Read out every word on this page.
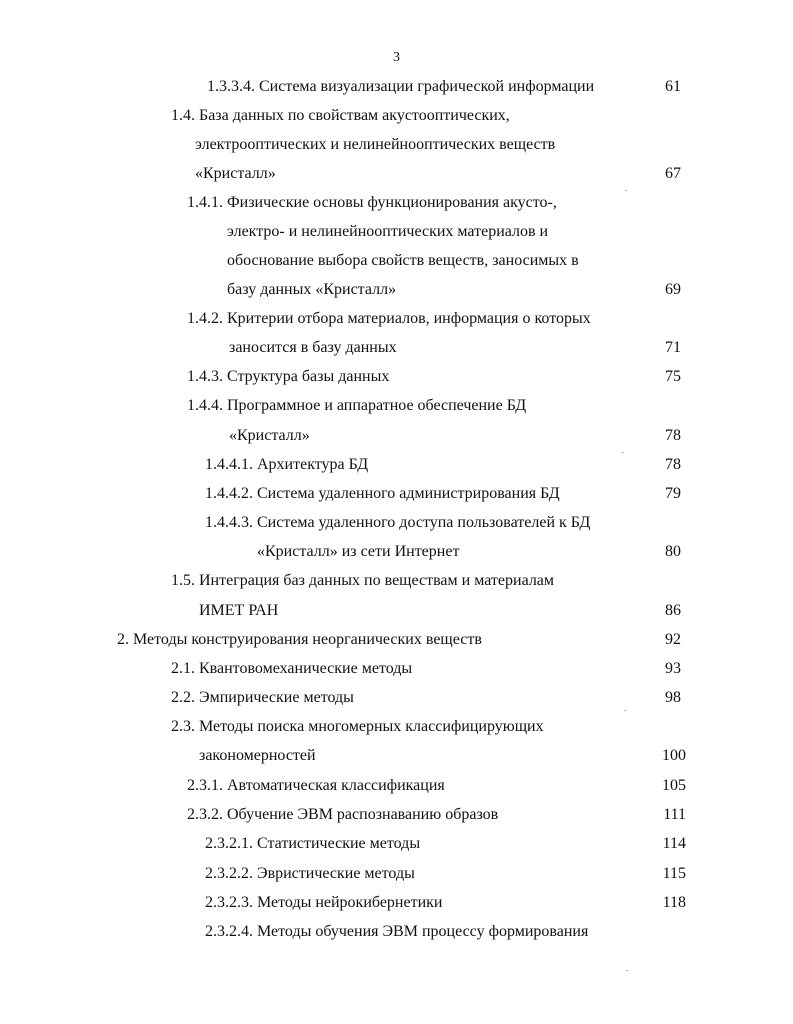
3
1.3.3.4. Система визуализации графической информации	61
1.4. База данных по свойствам акустооптических,
электрооптических и нелинейнооптических веществ
«Кристалл»	67
1.4.1. Физические основы функционирования акусто-,
электро- и нелинейнооптических материалов и
обоснование выбора свойств веществ, заносимых в
базу данных «Кристалл»	69
1.4.2. Критерии отбора материалов, информация о которых
заносится в базу данных	71
1.4.3. Структура базы данных	75
1.4.4. Программное и аппаратное обеспечение БД
«Кристалл»	78
1.4.4.1. Архитектура БД	78
1.4.4.2. Система удаленного администрирования БД	79
1.4.4.3. Система удаленного доступа пользователей к БД
«Кристалл» из сети Интернет	80
1.5. Интеграция баз данных по веществам и материалам
ИМЕТ РАН	86
2. Методы конструирования неорганических веществ	92
2.1. Квантовомеханические методы	93
2.2. Эмпирические методы	98
2.3. Методы поиска многомерных классифицирующих
закономерностей	100
2.3.1. Автоматическая классификация	105
2.3.2. Обучение ЭВМ распознаванию образов	111
2.3.2.1. Статистические методы	114
2.3.2.2. Эвристические методы	115
2.3.2.3. Методы нейрокибернетики	118
2.3.2.4. Методы обучения ЭВМ процессу формирования
